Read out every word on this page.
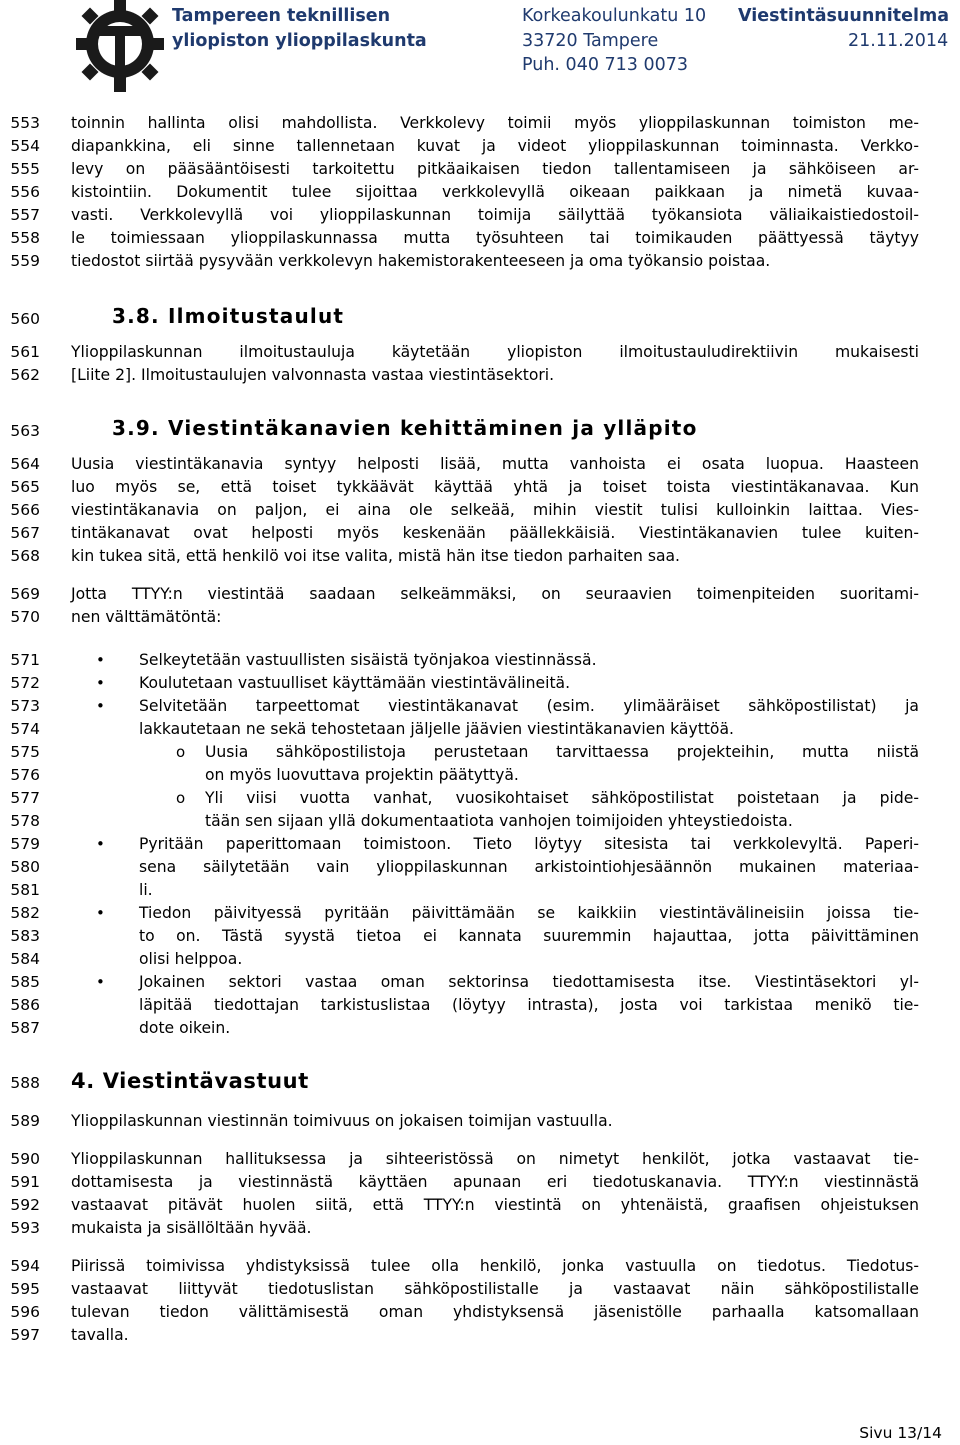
Tampereen teknillisen
yliopiston ylioppilaskunta
Korkeakoulunkatu 10
33720 Tampere
Puh. 040 713 0073
Viestintäsuunnitelma
21.11.2014
553 toinnin hallinta olisi mahdollista. Verkkolevy toimii myös ylioppilaskunnan toimiston me-
554 diapankkina, eli sinne tallennetaan kuvat ja videot ylioppilaskunnan toiminnasta. Verkko-
555 levy on pääsääntöisesti tarkoitettu pitkäaikaisen tiedon tallentamiseen ja sähköiseen ar-
556 kistointiin. Dokumentit tulee sijoittaa verkkolevyllä oikeaan paikkaan ja nimetä kuvaa-
557 vasti. Verkkolevyllä voi ylioppilaskunnan toimija säilyttää työkansiota väliaikaistiedostoil-
558 le toimiessaan ylioppilaskunnassa mutta työsuhteen tai toimikauden päättyessä täytyy
559 tiedostot siirtää pysyvään verkkolevyn hakemistorakenteeseen ja oma työkansio poistaa.
560	3.8. Ilmoitustaulut
561 Ylioppilaskunnan ilmoitustauluja käytetään yliopiston ilmoitustauludirektiivin mukaisesti
562 [Liite 2]. Ilmoitustaulujen valvonnasta vastaa viestintäsektori.
563	3.9. Viestintäkanavien kehittäminen ja ylläpito
564 Uusia viestintäkanavia syntyy helposti lisää, mutta vanhoista ei osata luopua. Haasteen
565 luo myös se, että toiset tykkäävät käyttää yhtä ja toiset toista viestintäkanavaa. Kun
566 viestintäkanavia on paljon, ei aina ole selkeää, mihin viestit tulisi kulloinkin laittaa. Vies-
567 tintäkanavat ovat helposti myös keskenään päällekkäisiä. Viestintäkanavien tulee kuiten-
568 kin tukea sitä, että henkilö voi itse valita, mistä hän itse tiedon parhaiten saa.
569 Jotta TTYY:n viestintää saadaan selkeämmäksi, on seuraavien toimenpiteiden suoritami-
570 nen välttämätöntä:
571	Selkeytetään vastuullisten sisäistä työnjakoa viestinnässä.
•
572	Koulutetaan vastuulliset käyttämään viestintävälineitä.
•
573	Selvitetään tarpeettomat viestintäkanavat (esim. ylimääräiset sähköpostilistat) ja
•
574	lakkautetaan ne sekä tehostetaan jäljelle jäävien viestintäkanavien käyttöä.
575	Uusia sähköpostilistoja perustetaan tarvittaessa projekteihin, mutta niistä
o
576	on myös luovuttava projektin päätyttyä.
577	Yli viisi vuotta vanhat, vuosikohtaiset sähköpostilistat poistetaan ja pide-
o
578	tään sen sijaan yllä dokumentaatiota vanhojen toimijoiden yhteystiedoista.
579	Pyritään paperittomaan toimistoon. Tieto löytyy sitesista tai verkkolevyltä. Paperi-
•
580	sena säilytetään vain ylioppilaskunnan arkistointiohjesäännön mukainen materiaa-
581	li.
582	Tiedon päivityessä pyritään päivittämään se kaikkiin viestintävälineisiin joissa tie-
•
583	to on. Tästä syystä tietoa ei kannata suuremmin hajauttaa, jotta päivittäminen
584	olisi helppoa.
585	Jokainen sektori vastaa oman sektorinsa tiedottamisesta itse. Viestintäsektori yl-
•
586	läpitää tiedottajan tarkistuslistaa (löytyy intrasta), josta voi tarkistaa menikö tie-
587	dote oikein.
588 4. Viestintävastuut
589 Ylioppilaskunnan viestinnän toimivuus on jokaisen toimijan vastuulla.
590 Ylioppilaskunnan hallituksessa ja sihteeristössä on nimetyt henkilöt, jotka vastaavat tie-
591 dottamisesta ja viestinnästä käyttäen apunaan eri tiedotuskanavia. TTYY:n viestinnästä
592 vastaavat pitävät huolen siitä, että TTYY:n viestintä on yhtenäistä, graafisen ohjeistuksen
593 mukaista ja sisällöltään hyvää.
594 Piirissä toimivissa yhdistyksissä tulee olla henkilö, jonka vastuulla on tiedotus. Tiedotus-
595 vastaavat liittyvät tiedotuslistan sähköpostilistalle ja vastaavat näin sähköpostilistalle
596 tulevan tiedon välittämisestä oman yhdistyksensä jäsenistölle parhaalla katsomallaan
597 tavalla.
Sivu 13/14
